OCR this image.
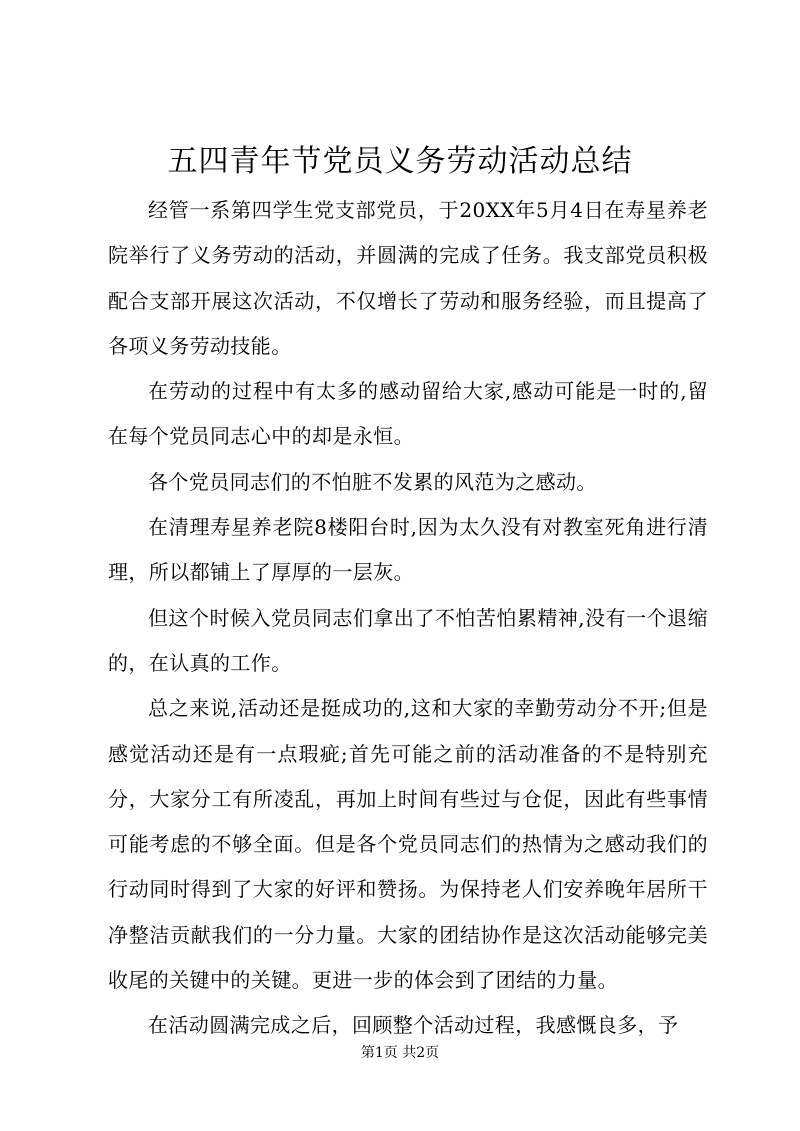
五四青年节党员义务劳动活动总结

经管一系第四学生党支部党员，于20XX年5月4日在寿星养老院举行了义务劳动的活动，并圆满的完成了任务。我支部党员积极配合支部开展这次活动，不仅增长了劳动和服务经验，而且提高了各项义务劳动技能。

在劳动的过程中有太多的感动留给大家,感动可能是一时的,留在每个党员同志心中的却是永恒。

各个党员同志们的不怕脏不发累的风范为之感动。

在清理寿星养老院8楼阳台时,因为太久没有对教室死角进行清理，所以都铺上了厚厚的一层灰。

但这个时候入党员同志们拿出了不怕苦怕累精神,没有一个退缩的，在认真的工作。

总之来说,活动还是挺成功的,这和大家的幸勤劳动分不开;但是感觉活动还是有一点瑕疵;首先可能之前的活动准备的不是特别充分，大家分工有所凌乱，再加上时间有些过与仓促，因此有些事情可能考虑的不够全面。但是各个党员同志们的热情为之感动我们的行动同时得到了大家的好评和赞扬。为保持老人们安养晚年居所干净整洁贡献我们的一分力量。大家的团结协作是这次活动能够完美收尾的关键中的关键。更进一步的体会到了团结的力量。

在活动圆满完成之后，回顾整个活动过程，我感慨良多，予

第1页 共2页
